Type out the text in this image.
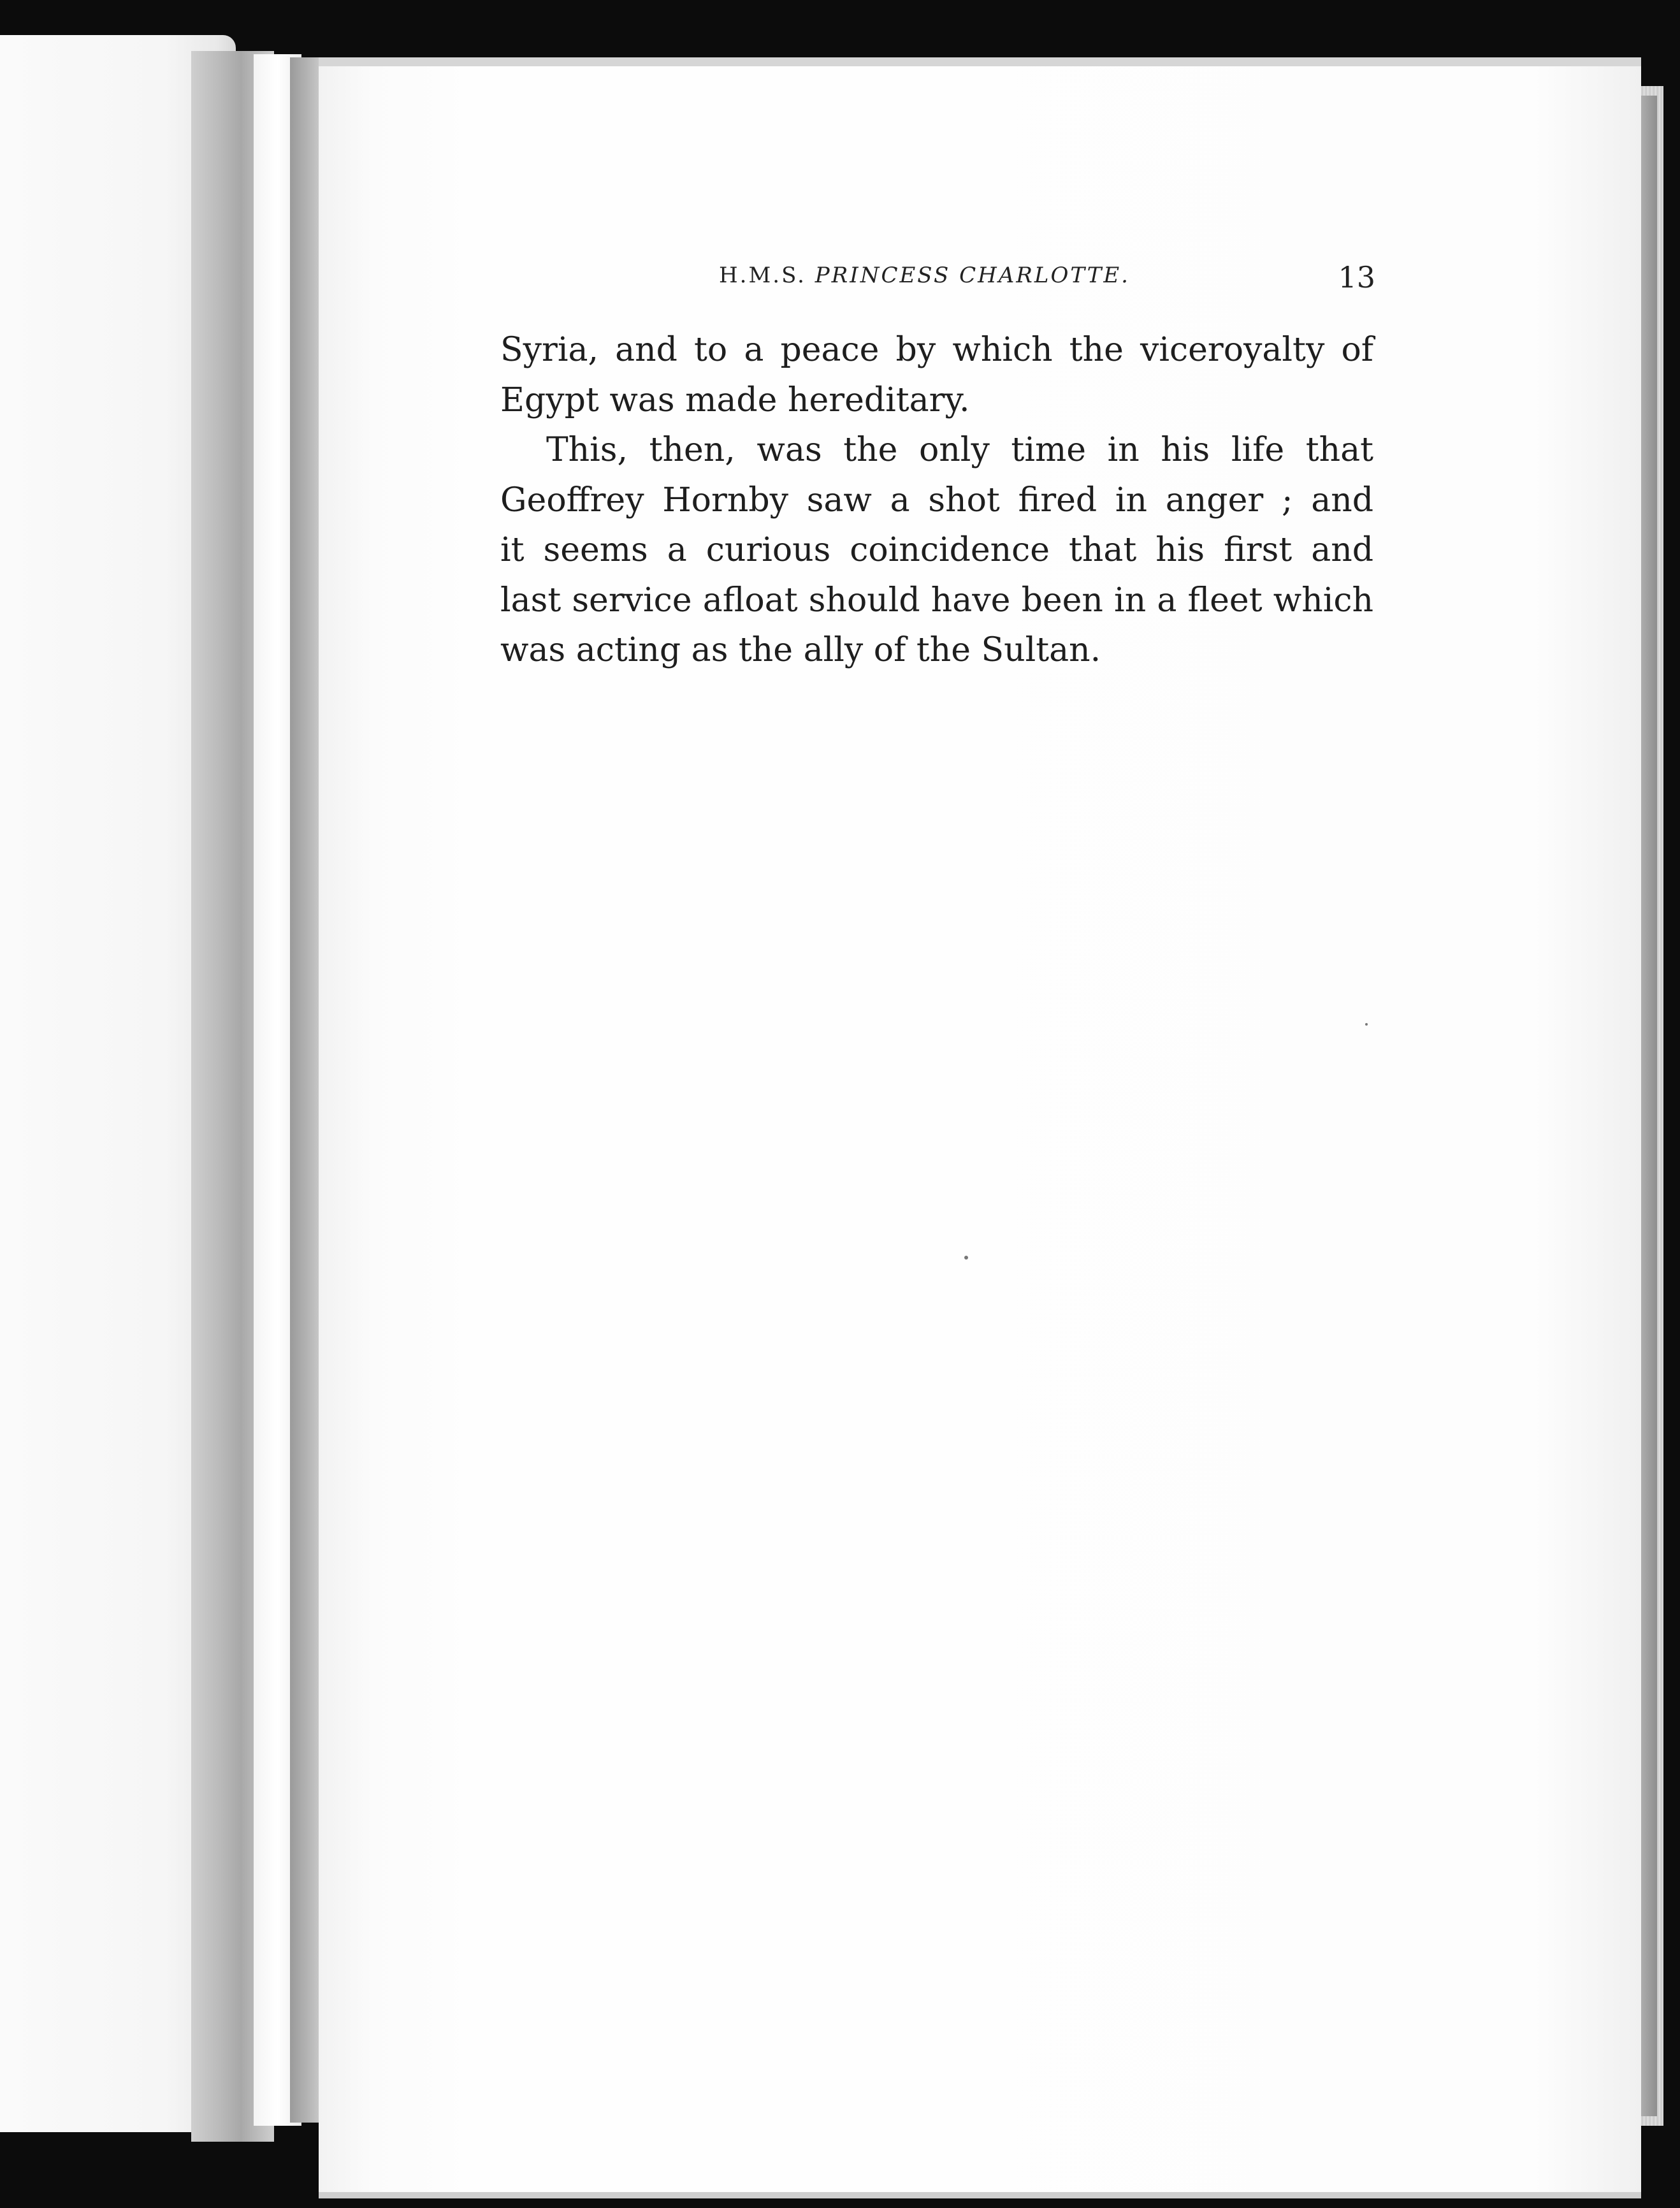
H.M.S. PRINCESS CHARLOTTE.	13
Syria, and to a peace by which the viceroyalty of
Egypt was made hereditary.
This, then, was the only time in his life that
Geoffrey Hornby saw a shot fired in anger ; and
it seems a curious coincidence that his first and
last service afloat should have been in a fleet which
was acting as the ally of the Sultan.
